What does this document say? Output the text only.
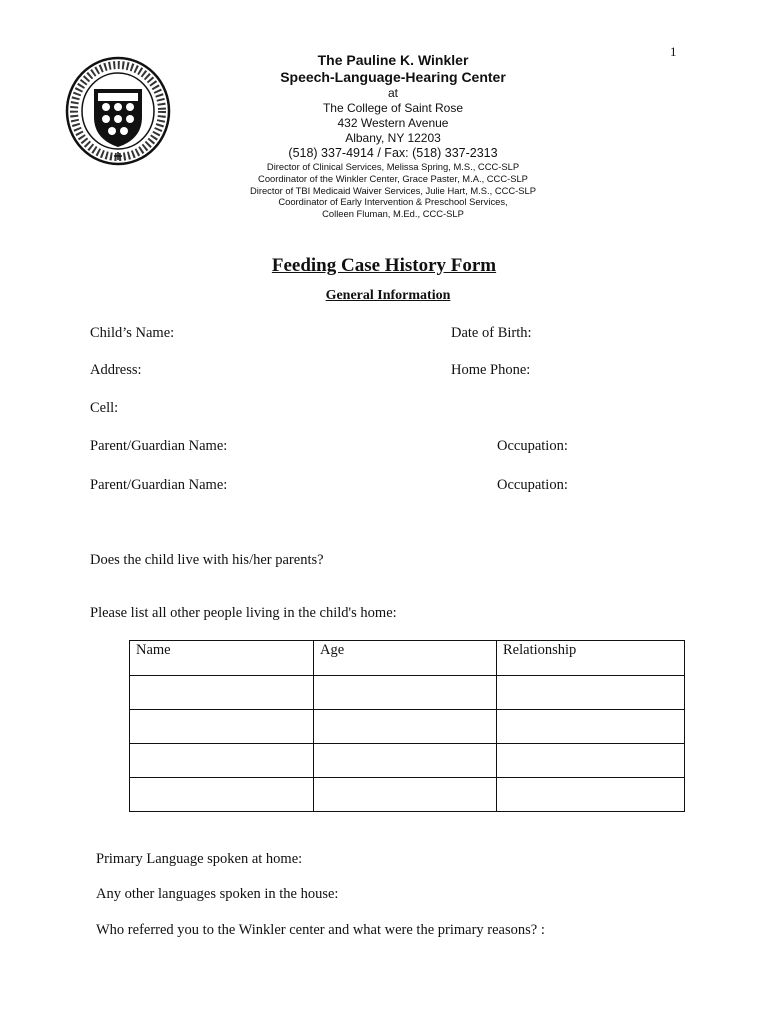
1
The Pauline K. Winkler
Speech-Language-Hearing Center
at
The College of Saint Rose
432 Western Avenue
Albany, NY 12203
(518) 337-4914 / Fax: (518) 337-2313
Director of Clinical Services, Melissa Spring, M.S., CCC-SLP
Coordinator of the Winkler Center, Grace Paster, M.A., CCC-SLP
Director of TBI Medicaid Waiver Services, Julie Hart, M.S., CCC-SLP
Coordinator of Early Intervention & Preschool Services,
Colleen Fluman, M.Ed., CCC-SLP
Feeding Case History Form
General Information
Child’s Name:	Date of Birth:
Address:	Home Phone:
Cell:
Parent/Guardian Name:	Occupation:
Parent/Guardian Name:	Occupation:
Does the child live with his/her parents?
Please list all other people living in the child's home:
Name	Age	Relationship

Primary Language spoken at home:
Any other languages spoken in the house:
Who referred you to the Winkler center and what were the primary reasons? :
